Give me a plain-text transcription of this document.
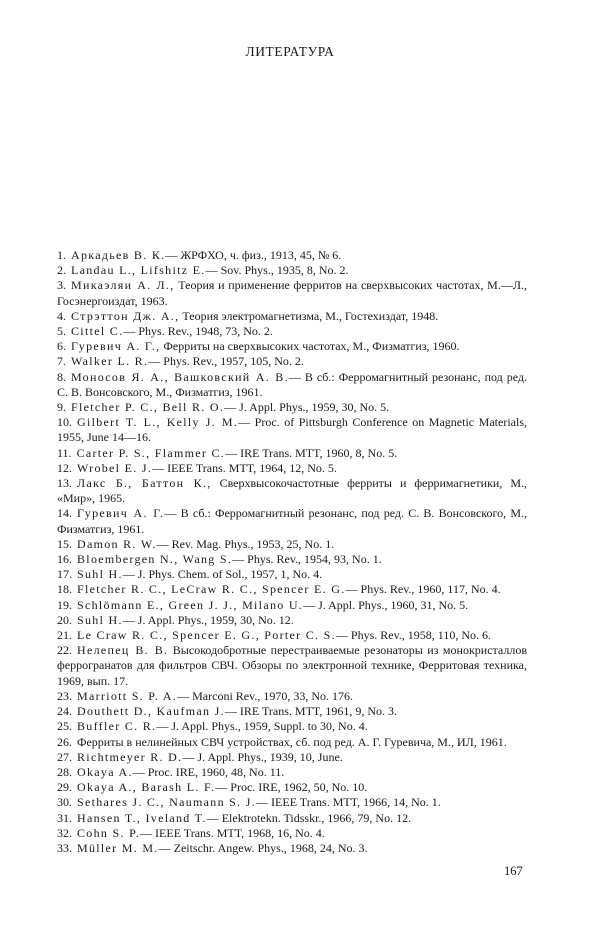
ЛИТЕРАТУРА

1. Аркадьев В. К.— ЖРФХО, ч. физ., 1913, 45, № 6.

2. Landau L., Lifshitz E.— Sov. Phys., 1935, 8, No. 2.

3. Микаэляи А. Л., Теория и применение ферритов на сверхвысоких частотах, М.—Л., Госэнергоиздат, 1963.

4. Стрэттон Дж. А., Теория электромагнетизма, М., Гостехиздат, 1948.

5. Cittel C.— Phys. Rev., 1948, 73, No. 2.

6. Гуревич А. Г., Ферриты на сверхвысоких частотах, М., Физматгиз, 1960.

7. Walker L. R.— Phys. Rev., 1957, 105, No. 2.

8. Моносов Я. А., Вашковский А. В.— В сб.: Ферромагнитный резонанс, под ред. С. В. Вонсовского, М., Физматгиз, 1961.

9. Fletcher P. C., Bell R. O.— J. Appl. Phys., 1959, 30, No. 5.

10. Gilbert T. L., Kelly J. M.— Proc. of Pittsburgh Conference on Magnetic Materials, 1955, June 14—16.

11. Carter P. S., Flammer C.— IRE Trans. MTT, 1960, 8, No. 5.

12. Wrobel E. J.— IEEE Trans. MTT, 1964, 12, No. 5.

13. Лакс Б., Баттон К., Сверхвысокочастотные ферриты и ферримагнетики, М., «Мир», 1965.

14. Гуревич А. Г.— В сб.: Ферромагнитный резонанс, под ред. С. В. Вонсовского, М., Физматгиз, 1961.

15. Damon R. W.— Rev. Mag. Phys., 1953, 25, No. 1.

16. Bloembergen N., Wang S.— Phys. Rev., 1954, 93, No. 1.

17. Suhl H.— J. Phys. Chem. of Sol., 1957, 1, No. 4.

18. Fletcher R. C., LeCraw R. C., Spencer E. G.— Phys. Rev., 1960, 117, No. 4.

19. Schlömann E., Green J. J., Milano U.— J. Appl. Phys., 1960, 31, No. 5.

20. Suhl H.— J. Appl. Phys., 1959, 30, No. 12.

21. Le Craw R. C., Spencer E. G., Porter C. S.— Phys. Rev., 1958, 110, No. 6.

22. Нелепец В. В. Высокодобротные перестраиваемые резонаторы из монокристаллов феррогранатов для фильтров СВЧ. Обзоры по электронной технике, Ферритовая техника, 1969, вып. 17.

23. Marriott S. P. A.— Marconi Rev., 1970, 33, No. 176.

24. Douthett D., Kaufman J.— IRE Trans. MTT, 1961, 9, No. 3.

25. Buffler C. R.— J. Appl. Phys., 1959, Suppl. to 30, No. 4.

26. Ферриты в нелинейных СВЧ устройствах, сб. под ред. А. Г. Гуревича, М., ИЛ, 1961.

27. Richtmeyer R. D.— J. Appl. Phys., 1939, 10, June.

28. Okaya A.— Proc. IRE, 1960, 48, No. 11.

29. Okaya A., Barash L. F.— Proc. IRE, 1962, 50, No. 10.

30. Sethares J. C., Naumann S. J.— IEEE Trans. MTT, 1966, 14, No. 1.

31. Hansen T., Iveland T.— Elektrotekn. Tidsskr., 1966, 79, No. 12.

32. Cohn S. P.— IEEE Trans. MTT, 1968, 16, No. 4.

33. Müller M. M.— Zeitschr. Angew. Phys., 1968, 24, No. 3.

167
